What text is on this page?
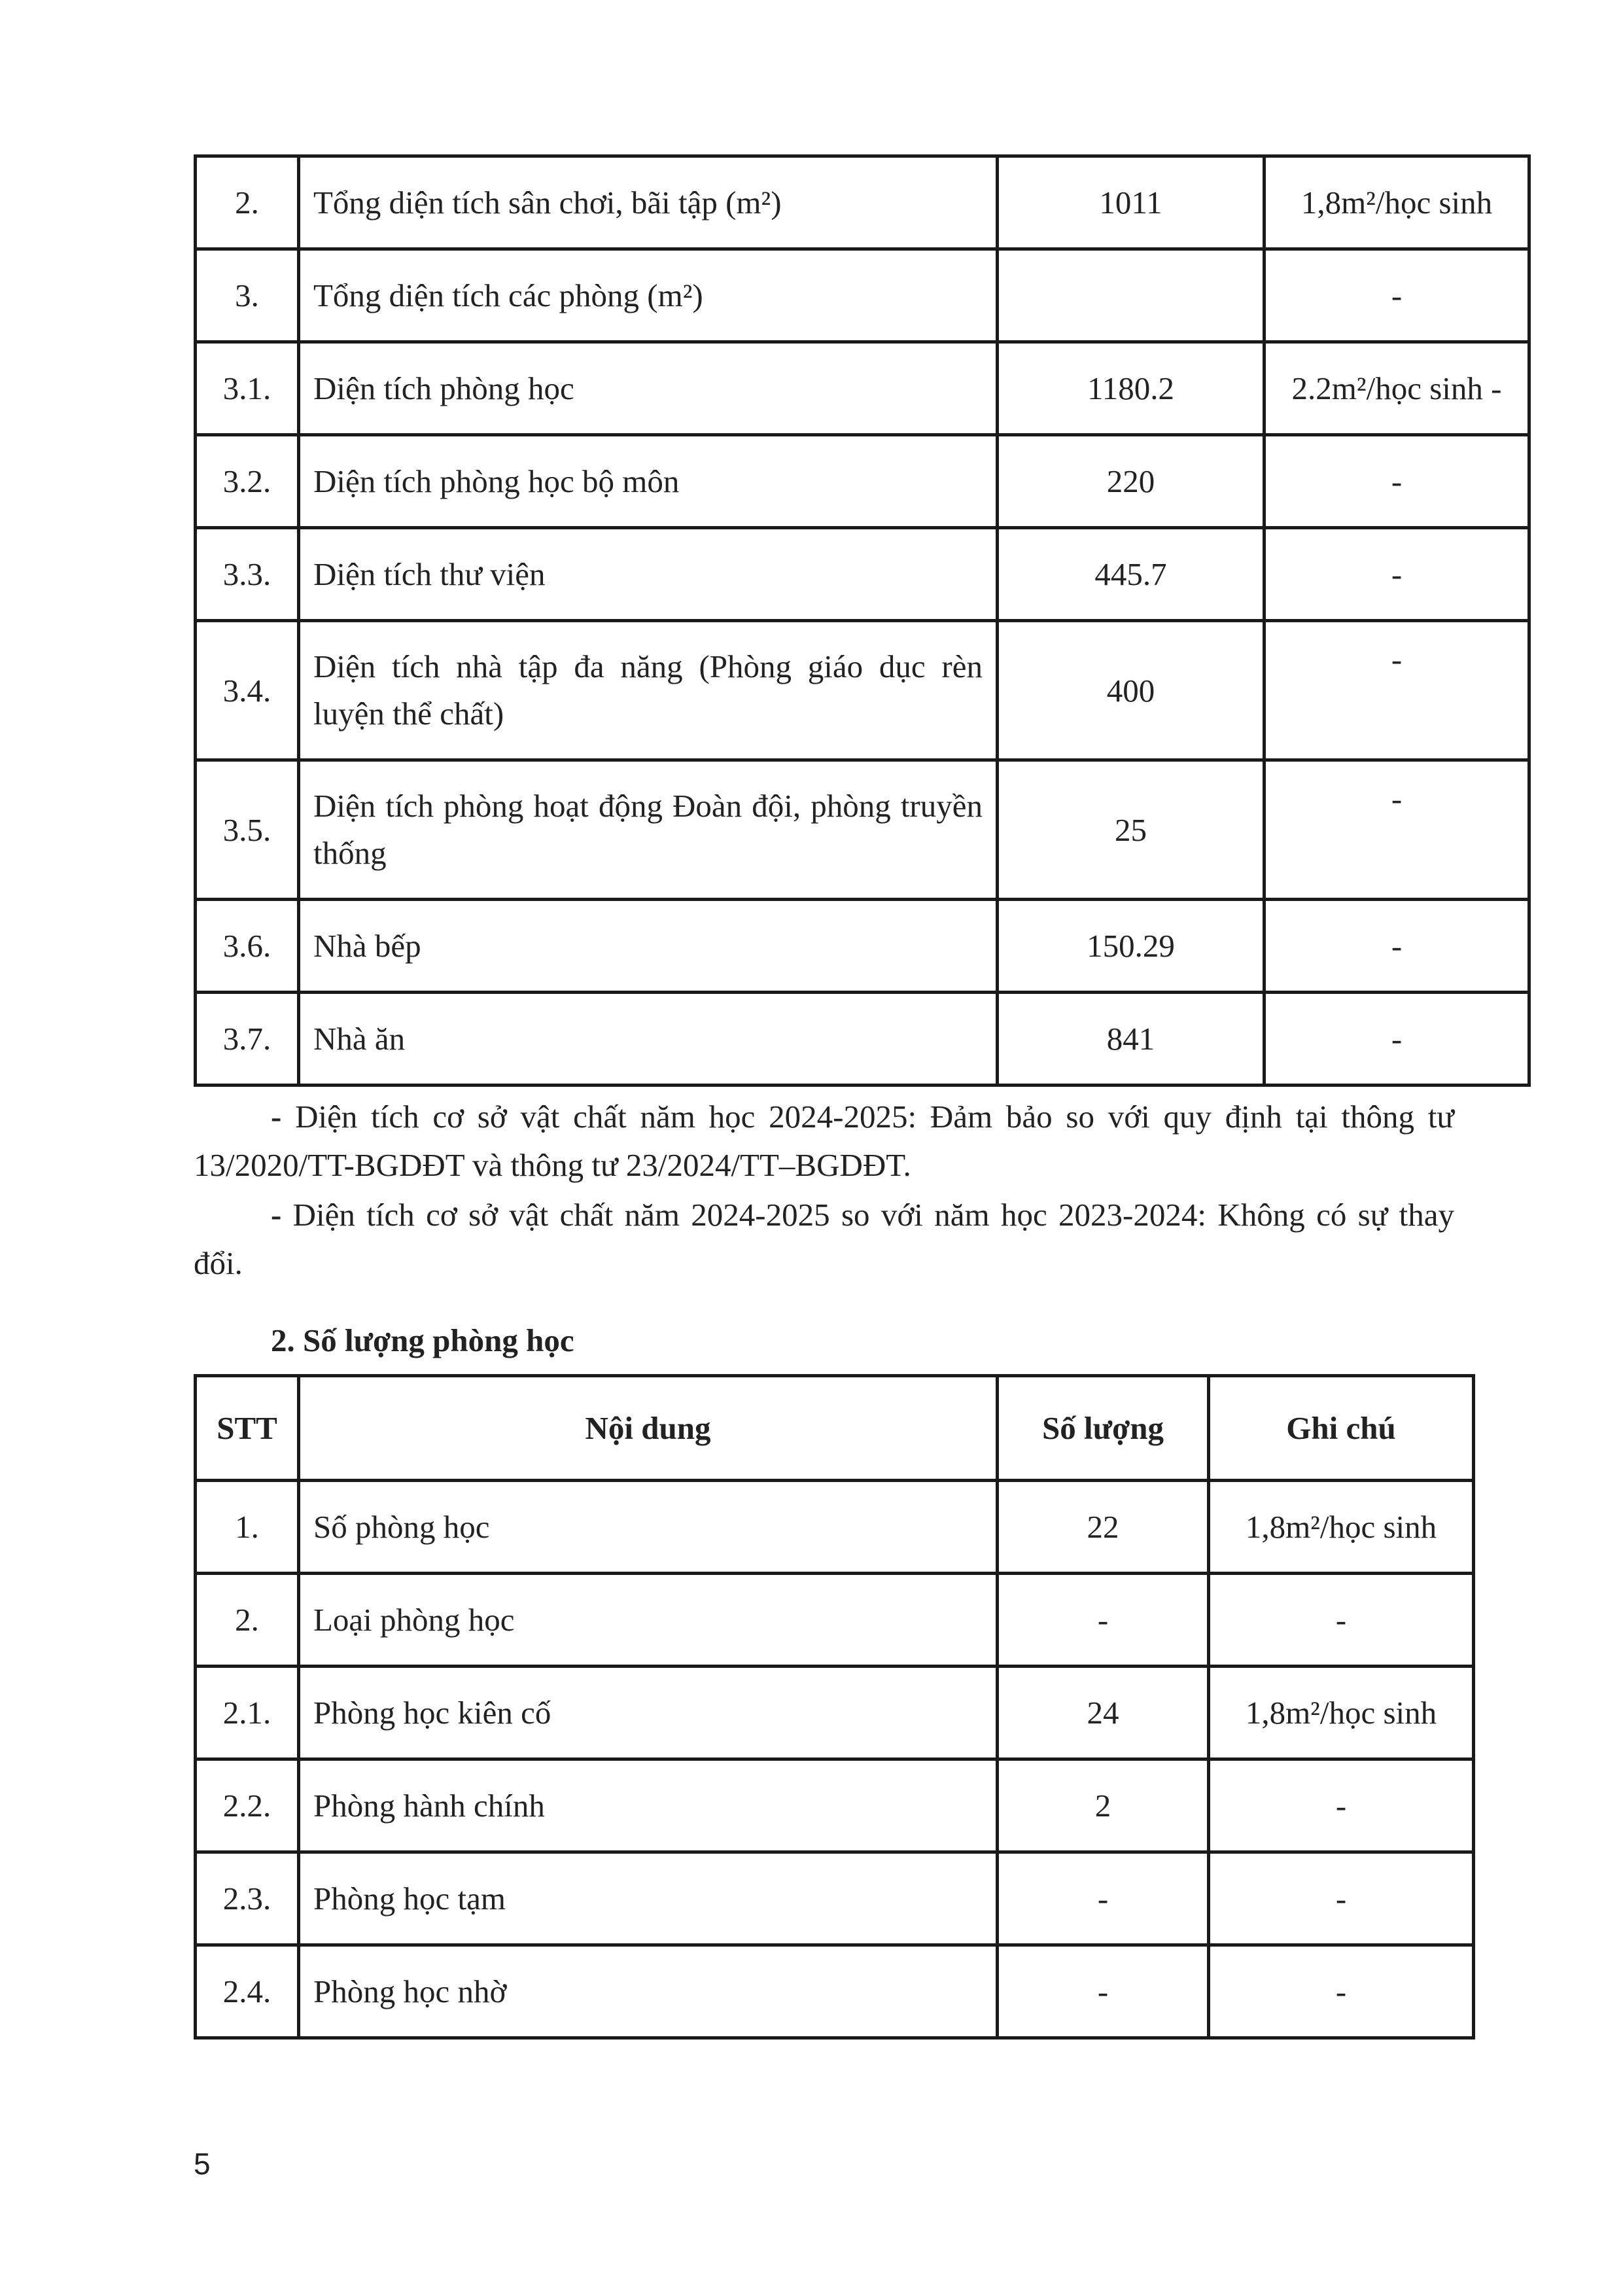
2.	Tổng diện tích sân chơi, bãi tập (m²)	1011	1,8m²/học sinh
3.	Tổng diện tích các phòng (m²)		-
3.1.	Diện tích phòng học	1180.2	2.2m²/học sinh -
3.2.	Diện tích phòng học bộ môn	220	-
3.3.	Diện tích thư viện	445.7	-
3.4.	Diện tích nhà tập đa năng (Phòng giáo dục rèn luyện thể chất)	400	-
3.5.	Diện tích phòng hoạt động Đoàn đội, phòng truyền thống	25	-
3.6.	Nhà bếp	150.29	-
3.7.	Nhà ăn	841	-

- Diện tích cơ sở vật chất năm học 2024-2025: Đảm bảo so với quy định tại thông tư 13/2020/TT-BGDĐT và thông tư 23/2024/TT–BGDĐT.

- Diện tích cơ sở vật chất năm 2024-2025 so với năm học 2023-2024: Không có sự thay đổi.

2. Số lượng phòng học
STT	Nội dung	Số lượng	Ghi chú
1.	Số phòng học	22	1,8m²/học sinh
2.	Loại phòng học	-	-
2.1.	Phòng học kiên cố	24	1,8m²/học sinh
2.2.	Phòng hành chính	2	-
2.3.	Phòng học tạm	-	-
2.4.	Phòng học nhờ	-	-
5
